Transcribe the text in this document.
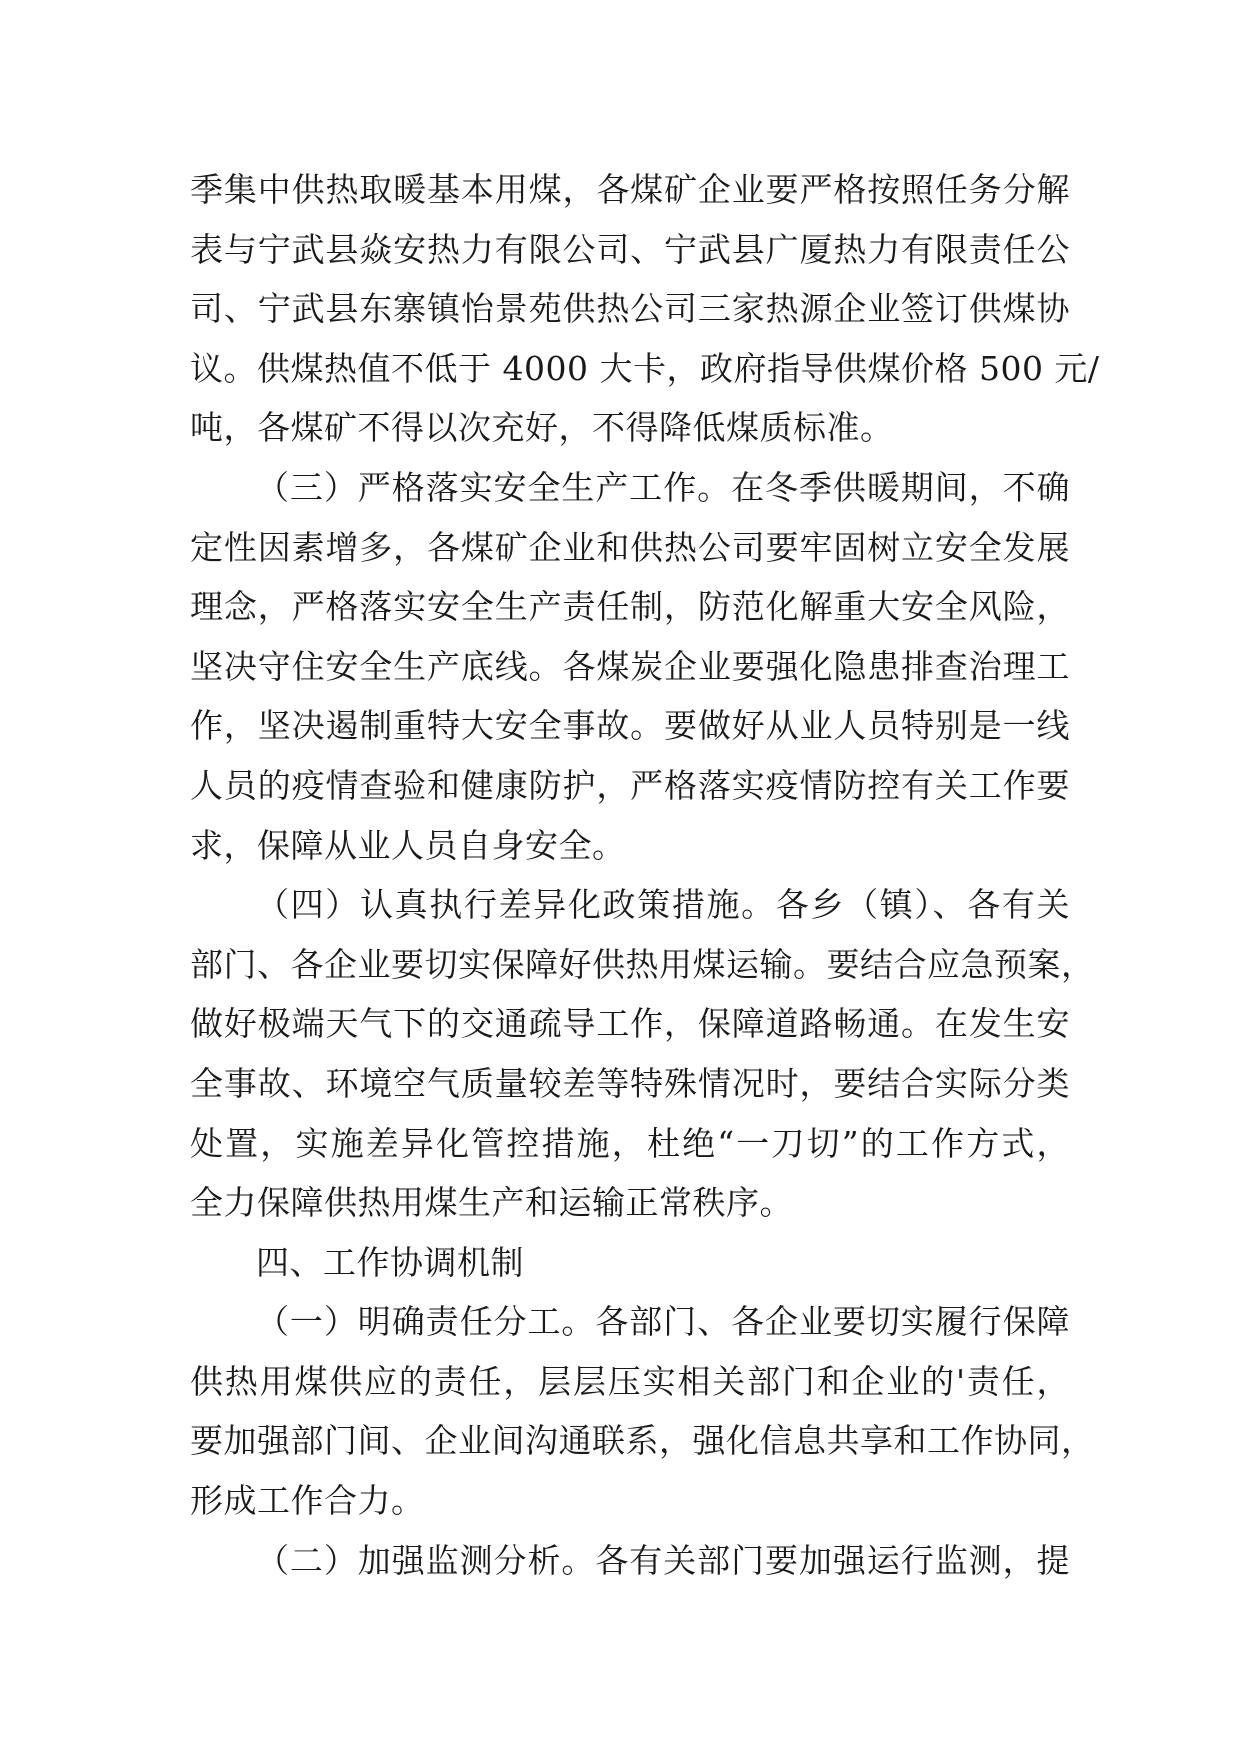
季集中供热取暖基本用煤，各煤矿企业要严格按照任务分解
表与宁武县焱安热力有限公司、宁武县广厦热力有限责任公
司、宁武县东寨镇怡景苑供热公司三家热源企业签订供煤协
议。供煤热值不低于 4000 大卡，政府指导供煤价格 500 元/
吨，各煤矿不得以次充好，不得降低煤质标准。
（三）严格落实安全生产工作。在冬季供暖期间，不确
定性因素增多，各煤矿企业和供热公司要牢固树立安全发展
理念，严格落实安全生产责任制，防范化解重大安全风险，
坚决守住安全生产底线。各煤炭企业要强化隐患排查治理工
作，坚决遏制重特大安全事故。要做好从业人员特别是一线
人员的疫情查验和健康防护，严格落实疫情防控有关工作要
求，保障从业人员自身安全。
（四）认真执行差异化政策措施。各乡（镇）、各有关
部门、各企业要切实保障好供热用煤运输。要结合应急预案，
做好极端天气下的交通疏导工作，保障道路畅通。在发生安
全事故、环境空气质量较差等特殊情况时，要结合实际分类
处置，实施差异化管控措施，杜绝“一刀切”的工作方式，
全力保障供热用煤生产和运输正常秩序。
四、工作协调机制
（一）明确责任分工。各部门、各企业要切实履行保障
供热用煤供应的责任，层层压实相关部门和企业的'责任，
要加强部门间、企业间沟通联系，强化信息共享和工作协同，
形成工作合力。
（二）加强监测分析。各有关部门要加强运行监测，提
